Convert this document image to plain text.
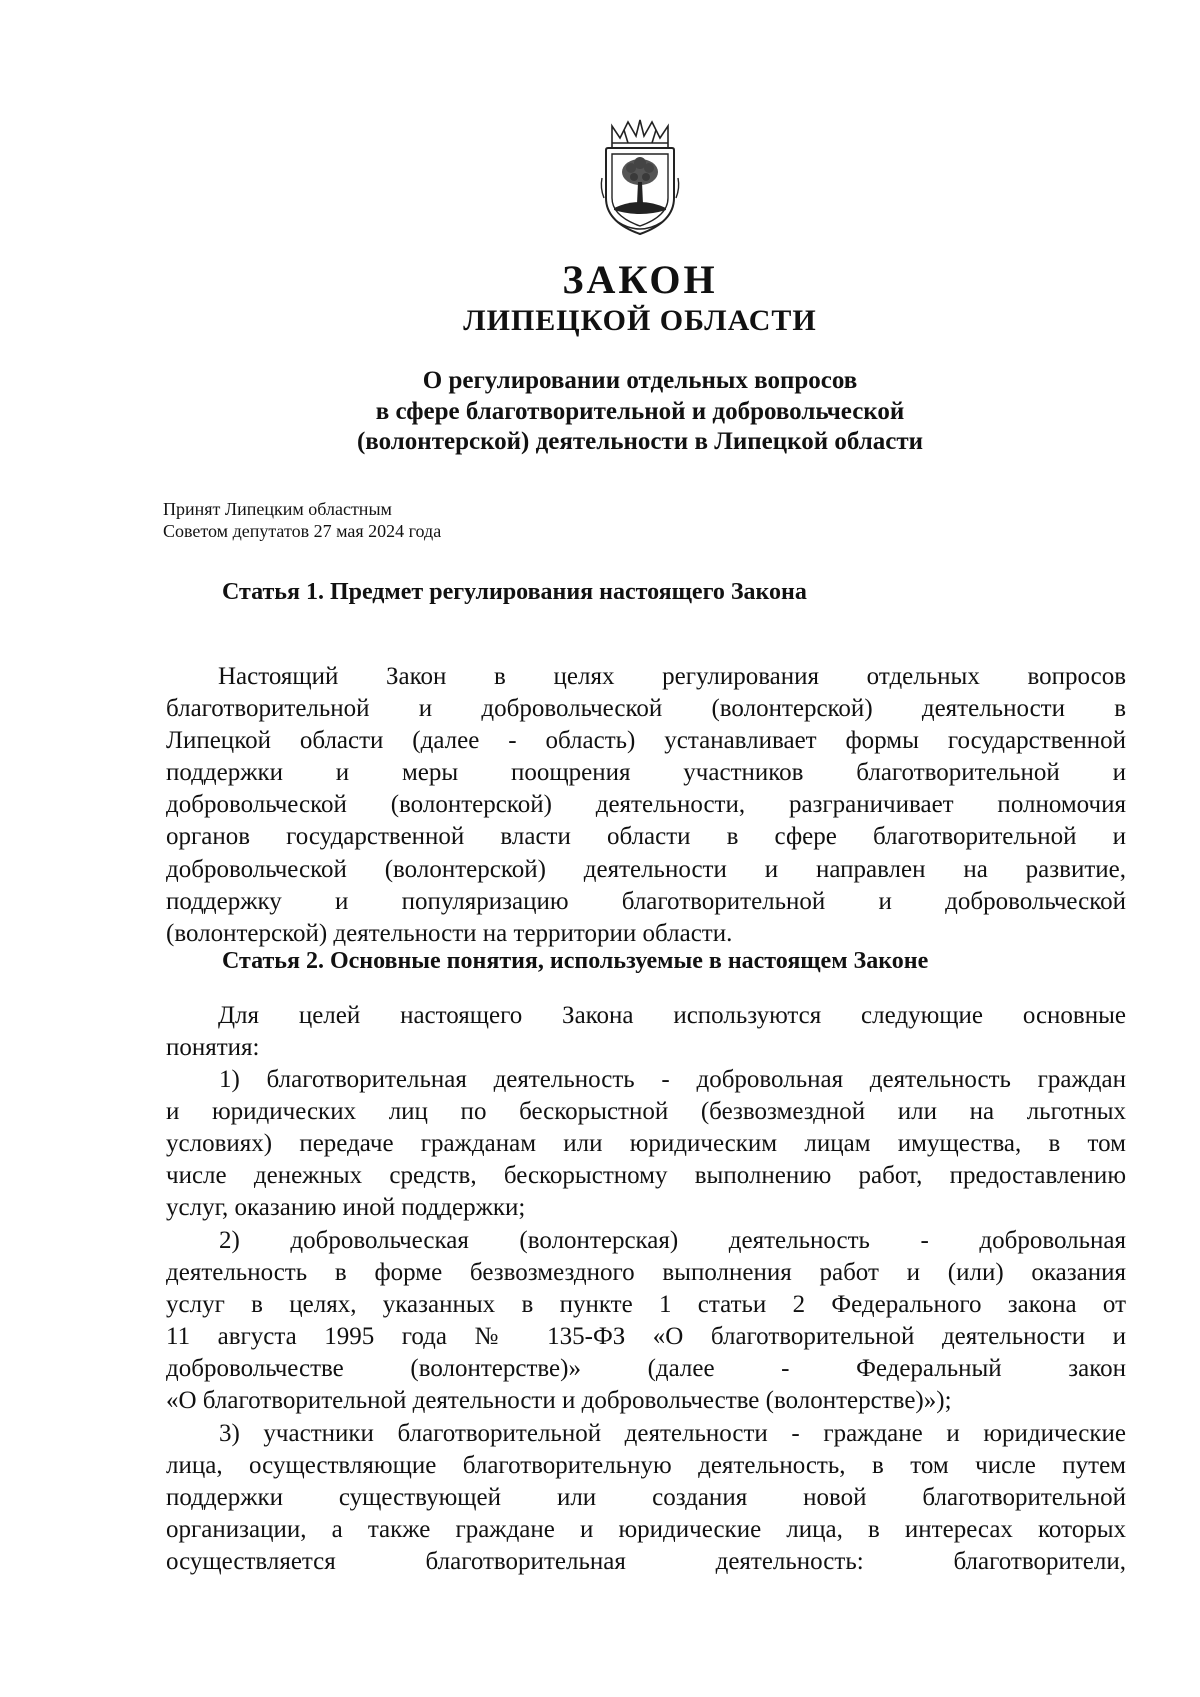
ЗАКОН
ЛИПЕЦКОЙ ОБЛАСТИ
О регулировании отдельных вопросов
в сфере благотворительной и добровольческой
(волонтерской) деятельности в Липецкой области
Принят Липецким областным
Советом депутатов 27 мая 2024 года
Статья 1. Предмет регулирования настоящего Закона
Настоящий Закон в целях регулирования отдельных вопросов
благотворительной и добровольческой (волонтерской) деятельности в
Липецкой области (далее - область) устанавливает формы государственной
поддержки и меры поощрения участников благотворительной и
добровольческой (волонтерской) деятельности, разграничивает полномочия
органов государственной власти области в сфере благотворительной и
добровольческой (волонтерской) деятельности и направлен на развитие,
поддержку и популяризацию благотворительной и добровольческой
(волонтерской) деятельности на территории области.
Статья 2. Основные понятия, используемые в настоящем Законе
Для целей настоящего Закона используются следующие основные
понятия:
1) благотворительная деятельность - добровольная деятельность граждан
и юридических лиц по бескорыстной (безвозмездной или на льготных
условиях) передаче гражданам или юридическим лицам имущества, в том
числе денежных средств, бескорыстному выполнению работ, предоставлению
услуг, оказанию иной поддержки;
2) добровольческая (волонтерская) деятельность - добровольная
деятельность в форме безвозмездного выполнения работ и (или) оказания
услуг в целях, указанных в пункте 1 статьи 2 Федерального закона от
11 августа 1995 года № 135-ФЗ «О благотворительной деятельности и
добровольчестве (волонтерстве)» (далее - Федеральный закон
«О благотворительной деятельности и добровольчестве (волонтерстве)»);
3) участники благотворительной деятельности - граждане и юридические
лица, осуществляющие благотворительную деятельность, в том числе путем
поддержки существующей или создания новой благотворительной
организации, а также граждане и юридические лица, в интересах которых
осуществляется благотворительная деятельность: благотворители,
